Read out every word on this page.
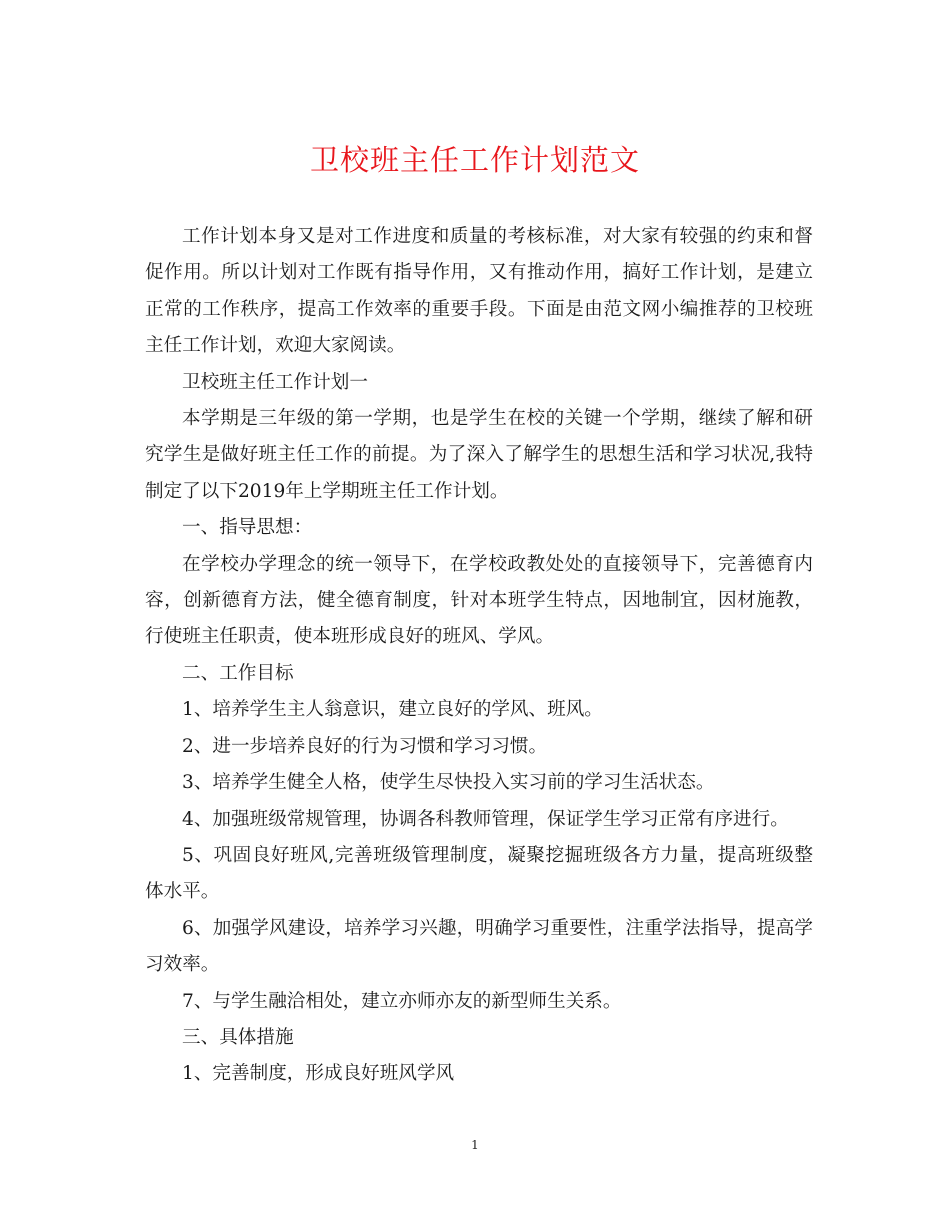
卫校班主任工作计划范文

工作计划本身又是对工作进度和质量的考核标准，对大家有较强的约束和督促作用。所以计划对工作既有指导作用，又有推动作用，搞好工作计划，是建立正常的工作秩序，提高工作效率的重要手段。下面是由范文网小编推荐的卫校班主任工作计划，欢迎大家阅读。

卫校班主任工作计划一

本学期是三年级的第一学期，也是学生在校的关键一个学期，继续了解和研究学生是做好班主任工作的前提。为了深入了解学生的思想生活和学习状况,我特制定了以下2019年上学期班主任工作计划。

一、指导思想：

在学校办学理念的统一领导下，在学校政教处处的直接领导下，完善德育内容，创新德育方法，健全德育制度，针对本班学生特点，因地制宜，因材施教，行使班主任职责，使本班形成良好的班风、学风。

二、工作目标

1、培养学生主人翁意识，建立良好的学风、班风。

2、进一步培养良好的行为习惯和学习习惯。

3、培养学生健全人格，使学生尽快投入实习前的学习生活状态。

4、加强班级常规管理，协调各科教师管理，保证学生学习正常有序进行。

5、巩固良好班风,完善班级管理制度，凝聚挖掘班级各方力量，提高班级整体水平。

6、加强学风建设，培养学习兴趣，明确学习重要性，注重学法指导，提高学习效率。

7、与学生融洽相处，建立亦师亦友的新型师生关系。

三、具体措施

1、完善制度，形成良好班风学风

1
